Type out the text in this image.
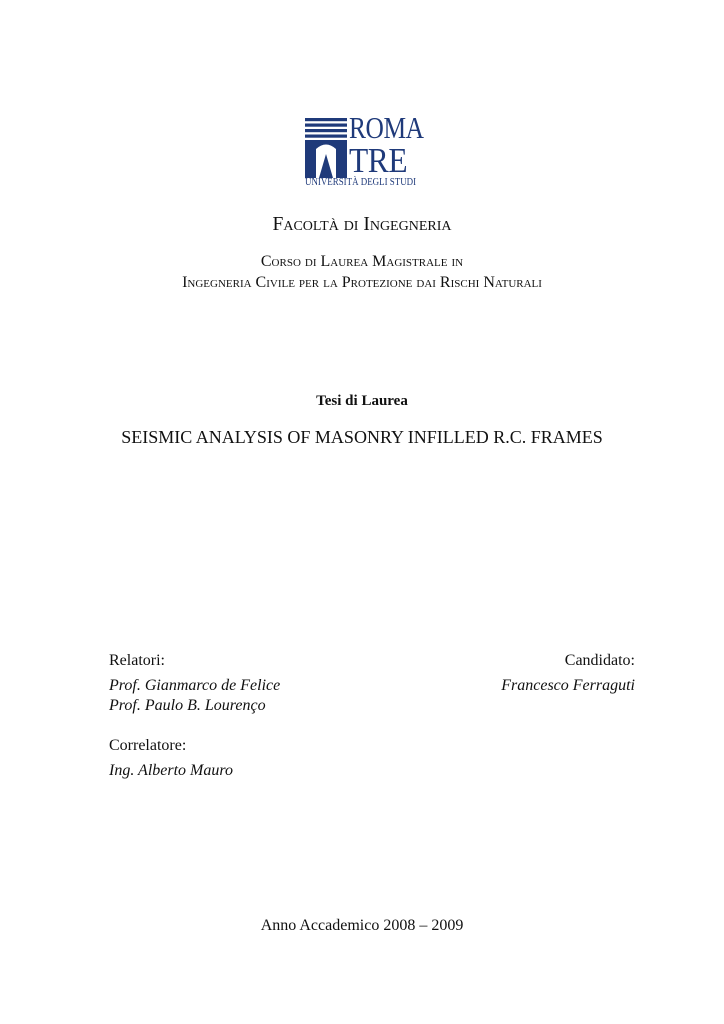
ROMA
TRE
UNIVERSITÀ DEGLI STUDI
Facoltà di Ingegneria
Corso di Laurea Magistrale in
Ingegneria Civile per la Protezione dai Rischi Naturali
Tesi di Laurea
SEISMIC ANALYSIS OF MASONRY INFILLED R.C. FRAMES
Relatori:
Prof. Gianmarco de Felice
Prof. Paulo B. Lourenço
Candidato:
Francesco Ferraguti
Correlatore:
Ing. Alberto Mauro
Anno Accademico 2008 – 2009
